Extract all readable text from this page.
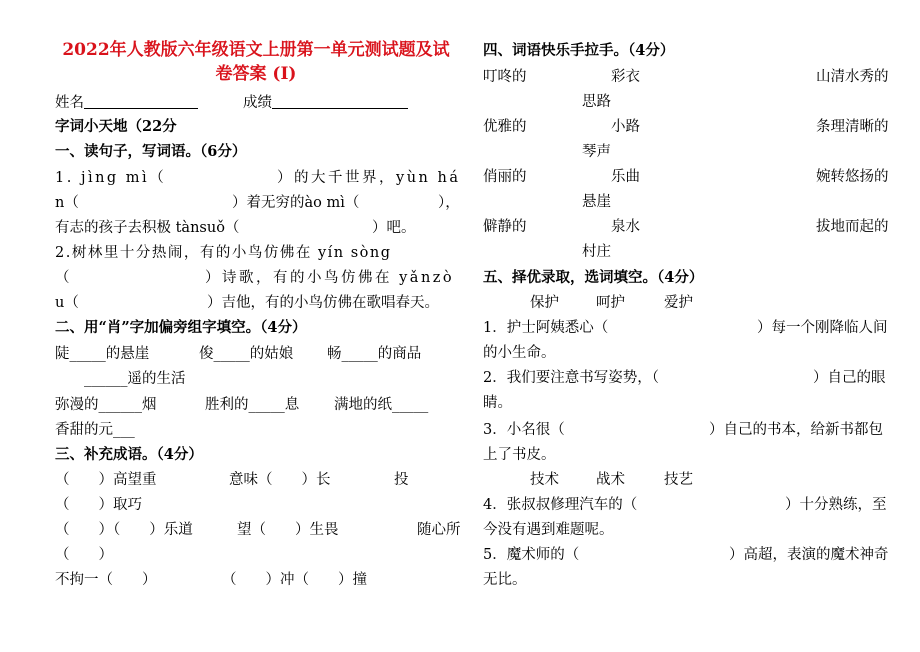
2022年人教版六年级语文上册第一单元测试题及试
卷答案 (I)
姓名	成绩
字词小天地（22分
一、读句子，写词语。（6分）
1. jìng mì（	）的大千世界，yùn há
n（	）着无穷的ào mì（	），
有志的孩子去积极 tànsuǒ（	）吧。
2.树林里十分热闹，有的小鸟仿佛在 yín sòng
（	）诗歌，有的小鸟仿佛在 yǎnzò
u（	）吉他，有的小鸟仿佛在歌唱春天。
二、用“肖”字加偏旁组字填空。（4分）
陡_____的悬崖	俊_____的姑娘 畅_____的商品
______遥的生活
弥漫的______烟	胜利的_____息 满地的纸_____
香甜的元___
三、补充成语。（4分）
（　　）高望重	意味（　　）长	投
（　　）取巧
（　　）（　　）乐道	望（　　）生畏	随心所
（　　）
不拘一（　　）	（　　）冲（　　）撞
四、词语快乐手拉手。（4分）
叮咚的	彩衣	山清水秀的
思路
优雅的	小路	条理清晰的
琴声
俏丽的	乐曲	婉转悠扬的
悬崖
僻静的	泉水	拔地而起的
村庄
五、择优录取，选词填空。（4分）
保护	呵护	爱护
1．护士阿姨悉心（	）每一个刚降临人间
的小生命。
2．我们要注意书写姿势，（	）自己的眼
睛。
3．小名很（	）自己的书本，给新书都包
上了书皮。
技术	战术	技艺
4．张叔叔修理汽车的（	）十分熟练，至
今没有遇到难题呢。
5．魔术师的（	）高超，表演的魔术神奇
无比。
